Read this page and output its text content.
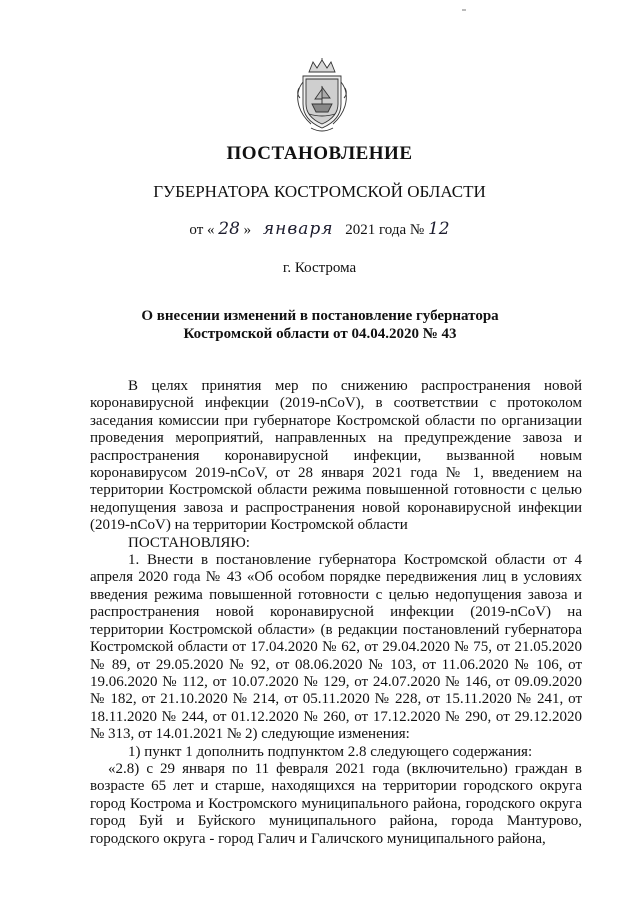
ПОСТАНОВЛЕНИЕ
ГУБЕРНАТОРА КОСТРОМСКОЙ ОБЛАСТИ
от « 28 » января 2021 года № 12
г. Кострома
О внесении изменений в постановление губернатора
Костромской области от 04.04.2020 № 43

В целях принятия мер по снижению распространения новой коронавирусной инфекции (2019-nCoV), в соответствии с протоколом заседания комиссии при губернаторе Костромской области по организации проведения мероприятий, направленных на предупреждение завоза и распространения коронавирусной инфекции, вызванной новым коронавирусом 2019-nCoV, от 28 января 2021 года № 1, введением на территории Костромской области режима повышенной готовности с целью недопущения завоза и распространения новой коронавирусной инфекции (2019-nCoV) на территории Костромской области

ПОСТАНОВЛЯЮ:

1. Внести в постановление губернатора Костромской области от 4 апреля 2020 года № 43 «Об особом порядке передвижения лиц в условиях введения режима повышенной готовности с целью недопущения завоза и распространения новой коронавирусной инфекции (2019-nCoV) на территории Костромской области» (в редакции постановлений губернатора Костромской области от 17.04.2020 № 62, от 29.04.2020 № 75, от 21.05.2020 № 89, от 29.05.2020 № 92, от 08.06.2020 № 103, от 11.06.2020 № 106, от 19.06.2020 № 112, от 10.07.2020 № 129, от 24.07.2020 № 146, от 09.09.2020 № 182, от 21.10.2020 № 214, от 05.11.2020 № 228, от 15.11.2020 № 241, от 18.11.2020 № 244, от 01.12.2020 № 260, от 17.12.2020 № 290, от 29.12.2020 № 313, от 14.01.2021 № 2) следующие изменения:

1) пункт 1 дополнить подпунктом 2.8 следующего содержания:

«2.8) с 29 января по 11 февраля 2021 года (включительно) граждан в возрасте 65 лет и старше, находящихся на территории городского округа город Кострома и Костромского муниципального района, городского округа город Буй и Буйского муниципального района, города Мантурово, городского округа - город Галич и Галичского муниципального района,
